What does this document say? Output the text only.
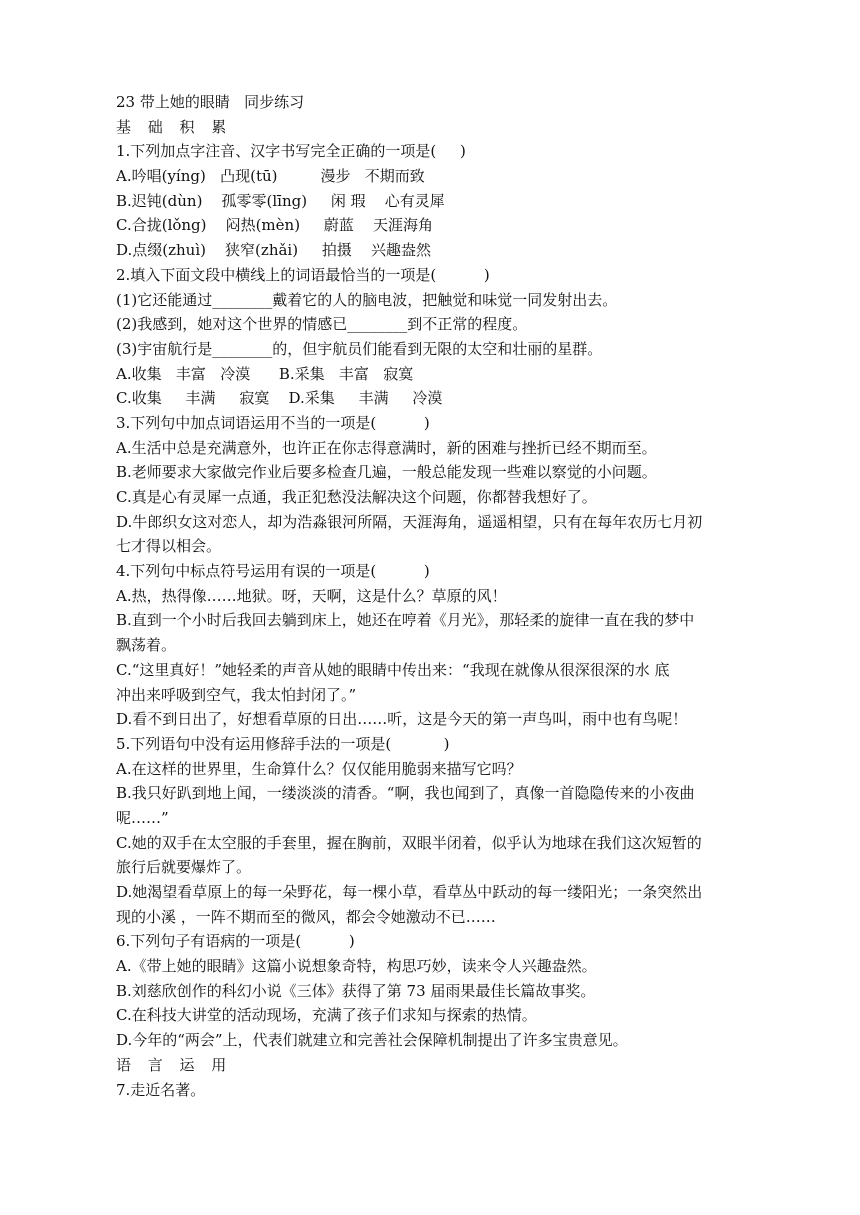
23 带上她的眼睛   同步练习
基 础 积 累
1.下列加点字注音、汉字书写完全正确的一项是(     )
A.吟唱(yíng)   凸现(tū)         漫步   不期而致
B.迟钝(dùn)    孤零零(līng)     闲 瑕    心有灵犀
C.合拢(lǒng)    闷热(mèn)     蔚蓝    天涯海角
D.点缀(zhuì)    狭窄(zhǎi)     拍摄    兴趣盎然
2.填入下面文段中横线上的词语最恰当的一项是(          )
(1)它还能通过________戴着它的人的脑电波，把触觉和味觉一同发射出去。
(2)我感到，她对这个世界的情感已________到不正常的程度。
(3)宇宙航行是________的，但宇航员们能看到无限的太空和壮丽的星群。
A.收集   丰富   冷漠      B.采集   丰富   寂寞
C.收集     丰满     寂寞    D.采集     丰满     冷漠
3.下列句中加点词语运用不当的一项是(          )
A.生活中总是充满意外，也许正在你志得意满时，新的困难与挫折已经不期而至。
B.老师要求大家做完作业后要多检查几遍，一般总能发现一些难以察觉的小问题。
C.真是心有灵犀一点通，我正犯愁没法解决这个问题，你都替我想好了。
D.牛郎织女这对恋人，却为浩淼银河所隔，天涯海角，遥遥相望，只有在每年农历七月初
七才得以相会。
4.下列句中标点符号运用有误的一项是(          )
A.热，热得像……地狱。呀，天啊，这是什么？草原的风！
B.直到一个小时后我回去躺到床上，她还在哼着《月光》，那轻柔的旋律一直在我的梦中
飘荡着。
C.“这里真好！”她轻柔的声音从她的眼睛中传出来：“我现在就像从很深很深的水 底
冲出来呼吸到空气，我太怕封闭了。”
D.看不到日出了，好想看草原的日出……听，这是今天的第一声鸟叫，雨中也有鸟呢！
5.下列语句中没有运用修辞手法的一项是(           )
A.在这样的世界里，生命算什么？仅仅能用脆弱来描写它吗？
B.我只好趴到地上闻，一缕淡淡的清香。“啊，我也闻到了，真像一首隐隐传来的小夜曲
呢……”
C.她的双手在太空服的手套里，握在胸前，双眼半闭着，似乎认为地球在我们这次短暂的
旅行后就要爆炸了。
D.她渴望看草原上的每一朵野花，每一棵小草，看草丛中跃动的每一缕阳光；一条突然出
现的小溪 ，一阵不期而至的微风，都会令她激动不已……
6.下列句子有语病的一项是(          )
A.《带上她的眼睛》这篇小说想象奇特，构思巧妙，读来令人兴趣盎然。
B.刘慈欣创作的科幻小说《三体》获得了第 73 届雨果最佳长篇故事奖。
C.在科技大讲堂的活动现场，充满了孩子们求知与探索的热情。
D.今年的“两会”上，代表们就建立和完善社会保障机制提出了许多宝贵意见。
语 言 运 用
7.走近名著。
